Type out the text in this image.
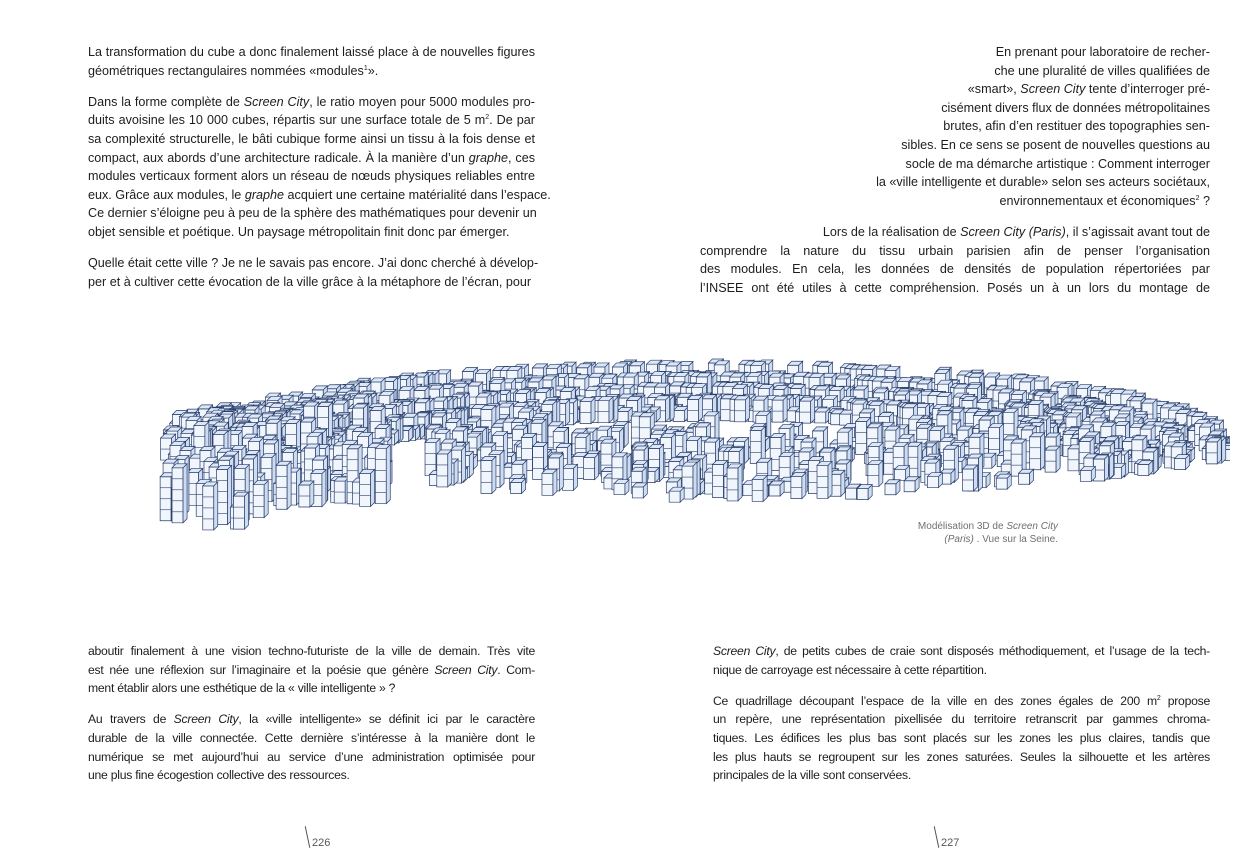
La transformation du cube a donc finalement laissé place à de nouvelles figures
géométriques rectangulaires nommées «modules$^1$».
Dans la forme complète de Screen City, le ratio moyen pour 5000 modules pro-
duits avoisine les 10 000 cubes, répartis sur une surface totale de 5 $m^2$. De par
sa complexité structurelle, le bâti cubique forme ainsi un tissu à la fois dense et
compact, aux abords d’une architecture radicale. À la manière d’un graphe, ces
modules verticaux forment alors un réseau de nœuds physiques reliables entre
eux. Grâce aux modules, le graphe acquiert une certaine matérialité dans l’espace.
Ce dernier s’éloigne peu à peu de la sphère des mathématiques pour devenir un
objet sensible et poétique. Un paysage métropolitain finit donc par émerger.
Quelle était cette ville ? Je ne le savais pas encore. J’ai donc cherché à dévelop-
per et à cultiver cette évocation de la ville grâce à la métaphore de l’écran, pour
En prenant pour laboratoire de recher-
che une pluralité de villes qualifiées de
«smart», Screen City tente d’interroger pré-
cisément divers flux de données métropolitaines
brutes, afin d’en restituer des topographies sen-
sibles. En ce sens se posent de nouvelles questions au
socle de ma démarche artistique : Comment interroger
la «ville intelligente et durable» selon ses acteurs sociétaux,
environnementaux et économiques$^2$ ?
Lors de la réalisation de Screen City (Paris), il s’agissait avant tout de
comprendre la nature du tissu urbain parisien afin de penser l’organisation
des modules. En cela, les données de densités de population répertoriées par
l’INSEE ont été utiles à cette compréhension. Posés un à un lors du montage de
Modélisation 3D de Screen City
(Paris) . Vue sur la Seine.
aboutir finalement à une vision techno-futuriste de la ville de demain. Très vite
est née une réflexion sur l’imaginaire et la poésie que génère Screen City. Com-
ment établir alors une esthétique de la « ville intelligente » ?
Au travers de Screen City, la «ville intelligente» se définit ici par le caractère
durable de la ville connectée. Cette dernière s’intéresse à la manière dont le
numérique se met aujourd’hui au service d’une administration optimisée pour
une plus fine écogestion collective des ressources.
Screen City, de petits cubes de craie sont disposés méthodiquement, et l’usage de la tech-
nique de carroyage est nécessaire à cette répartition.
Ce quadrillage découpant l’espace de la ville en des zones égales de 200 $m^2$ propose
un repère, une représentation pixellisée du territoire retranscrit par gammes chroma-
tiques. Les édifices les plus bas sont placés sur les zones les plus claires, tandis que
les plus hauts se regroupent sur les zones saturées. Seules la silhouette et les artères
principales de la ville sont conservées.
226	227
